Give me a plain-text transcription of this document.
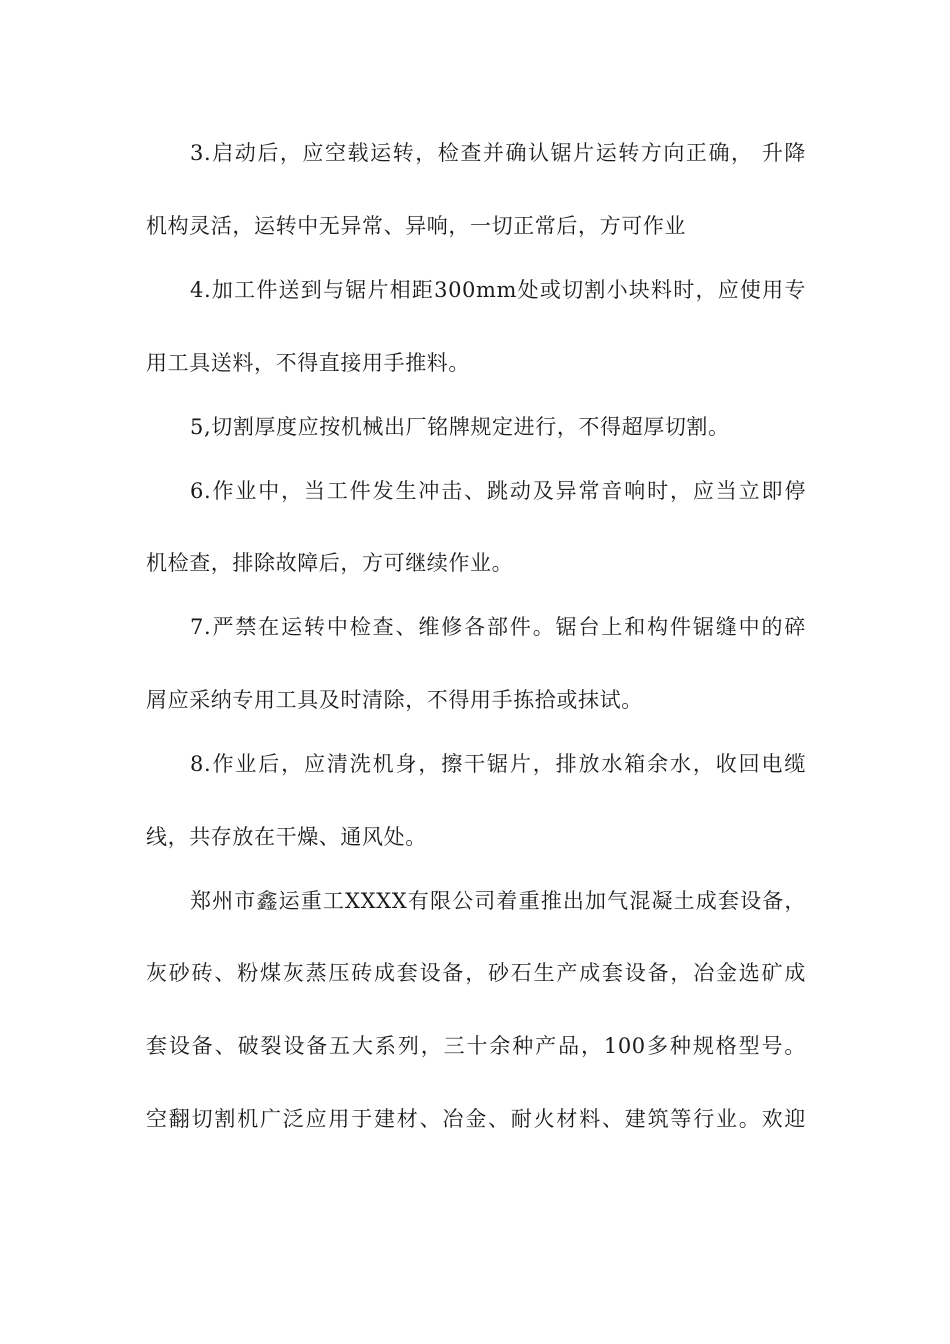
3.启动后，应空载运转，检查并确认锯片运转方向正确， 升降
机构灵活，运转中无异常、异响，一切正常后，方可作业
4.加工件送到与锯片相距300mm处或切割小块料时，应使用专
用工具送料，不得直接用手推料。
5,切割厚度应按机械出厂铭牌规定进行，不得超厚切割。
6.作业中，当工件发生冲击、跳动及异常音响时，应当立即停
机检查，排除故障后，方可继续作业。
7.严禁在运转中检查、维修各部件。锯台上和构件锯缝中的碎
屑应采纳专用工具及时清除，不得用手拣拾或抹试。
8.作业后，应清洗机身，擦干锯片，排放水箱余水，收回电缆
线，共存放在干燥、通风处。
郑州市鑫运重工XXXX有限公司着重推出加气混凝土成套设备，
灰砂砖、粉煤灰蒸压砖成套设备，砂石生产成套设备，冶金选矿成
套设备、破裂设备五大系列，三十余种产品，100多种规格型号。
空翻切割机广泛应用于建材、冶金、耐火材料、建筑等行业。欢迎
